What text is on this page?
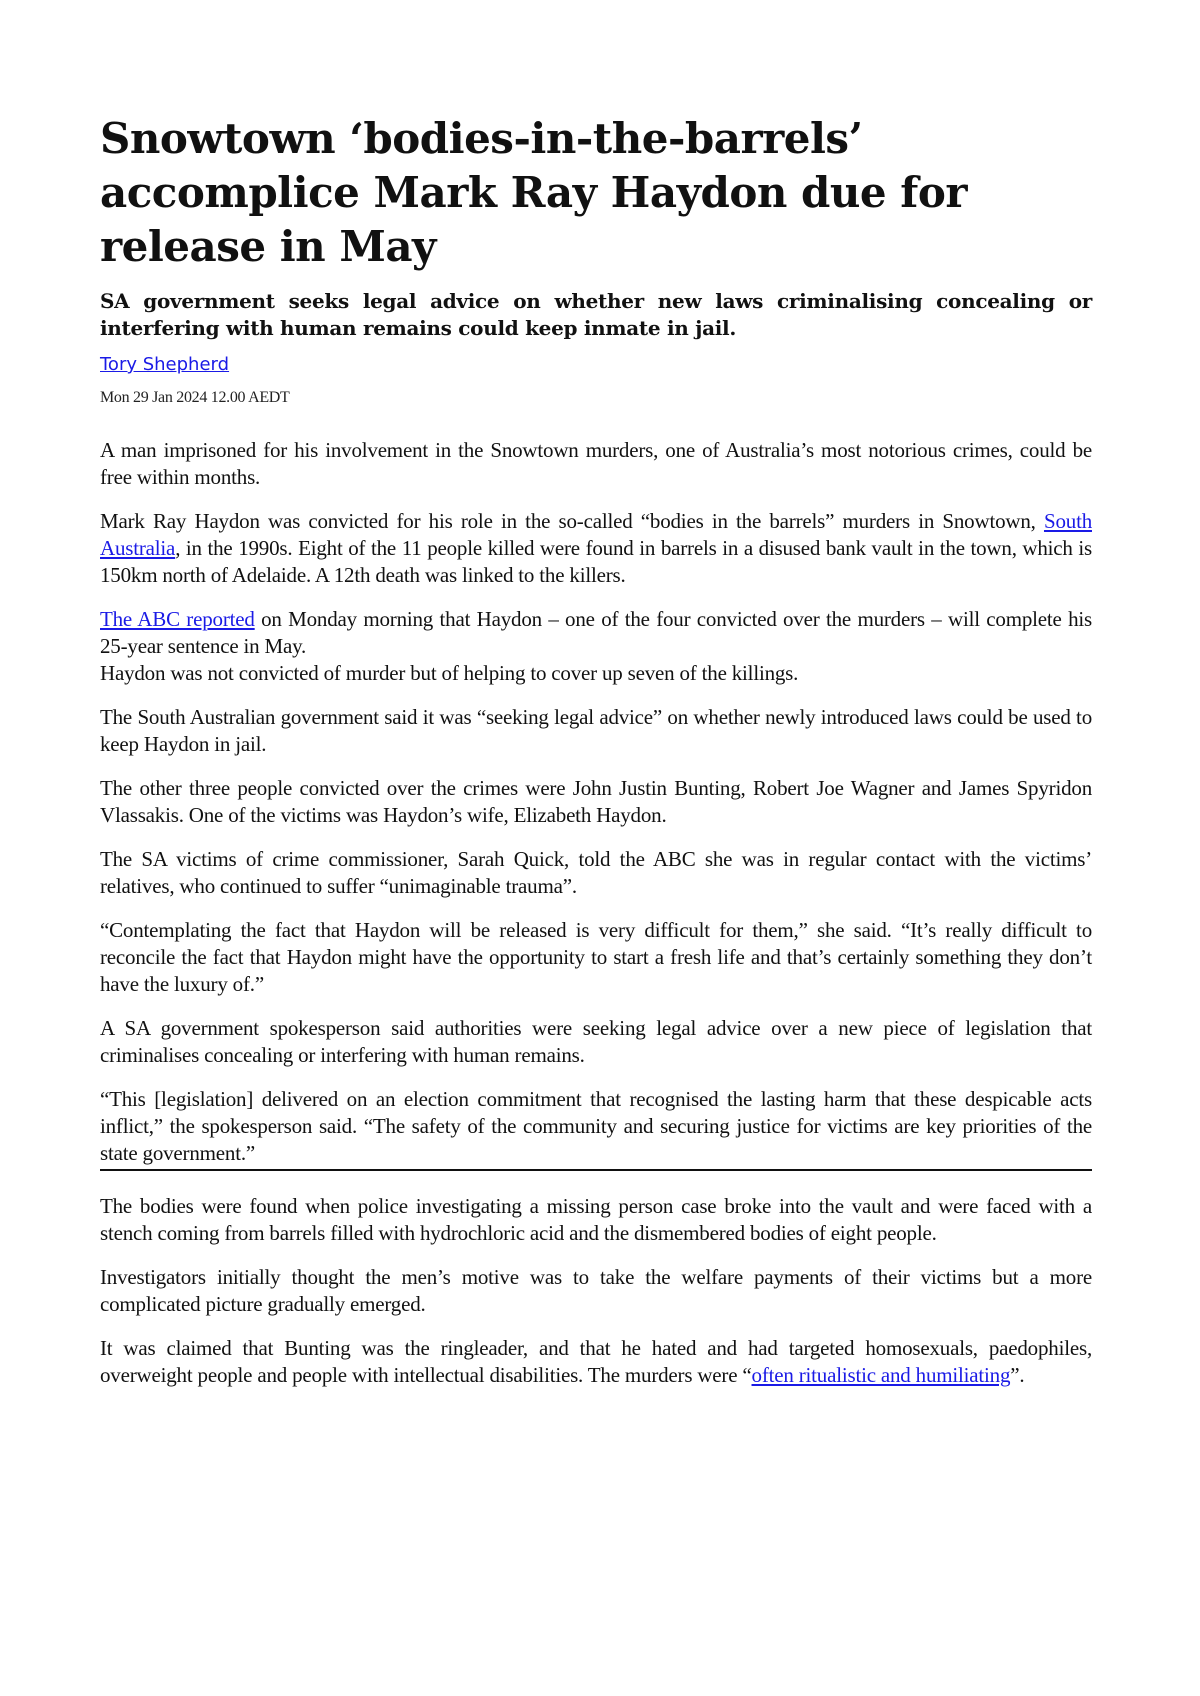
Snowtown ‘bodies-in-the-barrels’ accomplice Mark Ray Haydon due for release in May

SA government seeks legal advice on whether new laws criminalising concealing or interfering with human remains could keep inmate in jail.

Tory Shepherd
Mon 29 Jan 2024 12.00 AEDT

A man imprisoned for his involvement in the Snowtown murders, one of Australia’s most notorious crimes, could be free within months.

Mark Ray Haydon was convicted for his role in the so-called “bodies in the barrels” murders in Snowtown, South Australia, in the 1990s. Eight of the 11 people killed were found in barrels in a disused bank vault in the town, which is 150km north of Adelaide. A 12th death was linked to the killers.

The ABC reported on Monday morning that Haydon – one of the four convicted over the murders – will complete his 25-year sentence in May.

Haydon was not convicted of murder but of helping to cover up seven of the killings.

The South Australian government said it was “seeking legal advice” on whether newly introduced laws could be used to keep Haydon in jail.

The other three people convicted over the crimes were John Justin Bunting, Robert Joe Wagner and James Spyridon Vlassakis. One of the victims was Haydon’s wife, Elizabeth Haydon.

The SA victims of crime commissioner, Sarah Quick, told the ABC she was in regular contact with the victims’ relatives, who continued to suffer “unimaginable trauma”.

“Contemplating the fact that Haydon will be released is very difficult for them,” she said. “It’s really difficult to reconcile the fact that Haydon might have the opportunity to start a fresh life and that’s certainly something they don’t have the luxury of.”

A SA government spokesperson said authorities were seeking legal advice over a new piece of legislation that criminalises concealing or interfering with human remains.

“This [legislation] delivered on an election commitment that recognised the lasting harm that these despicable acts inflict,” the spokesperson said. “The safety of the community and securing justice for victims are key priorities of the state government.”

The bodies were found when police investigating a missing person case broke into the vault and were faced with a stench coming from barrels filled with hydrochloric acid and the dismembered bodies of eight people.

Investigators initially thought the men’s motive was to take the welfare payments of their victims but a more complicated picture gradually emerged.

It was claimed that Bunting was the ringleader, and that he hated and had targeted homosexuals, paedophiles, overweight people and people with intellectual disabilities. The murders were “often ritualistic and humiliating”.
